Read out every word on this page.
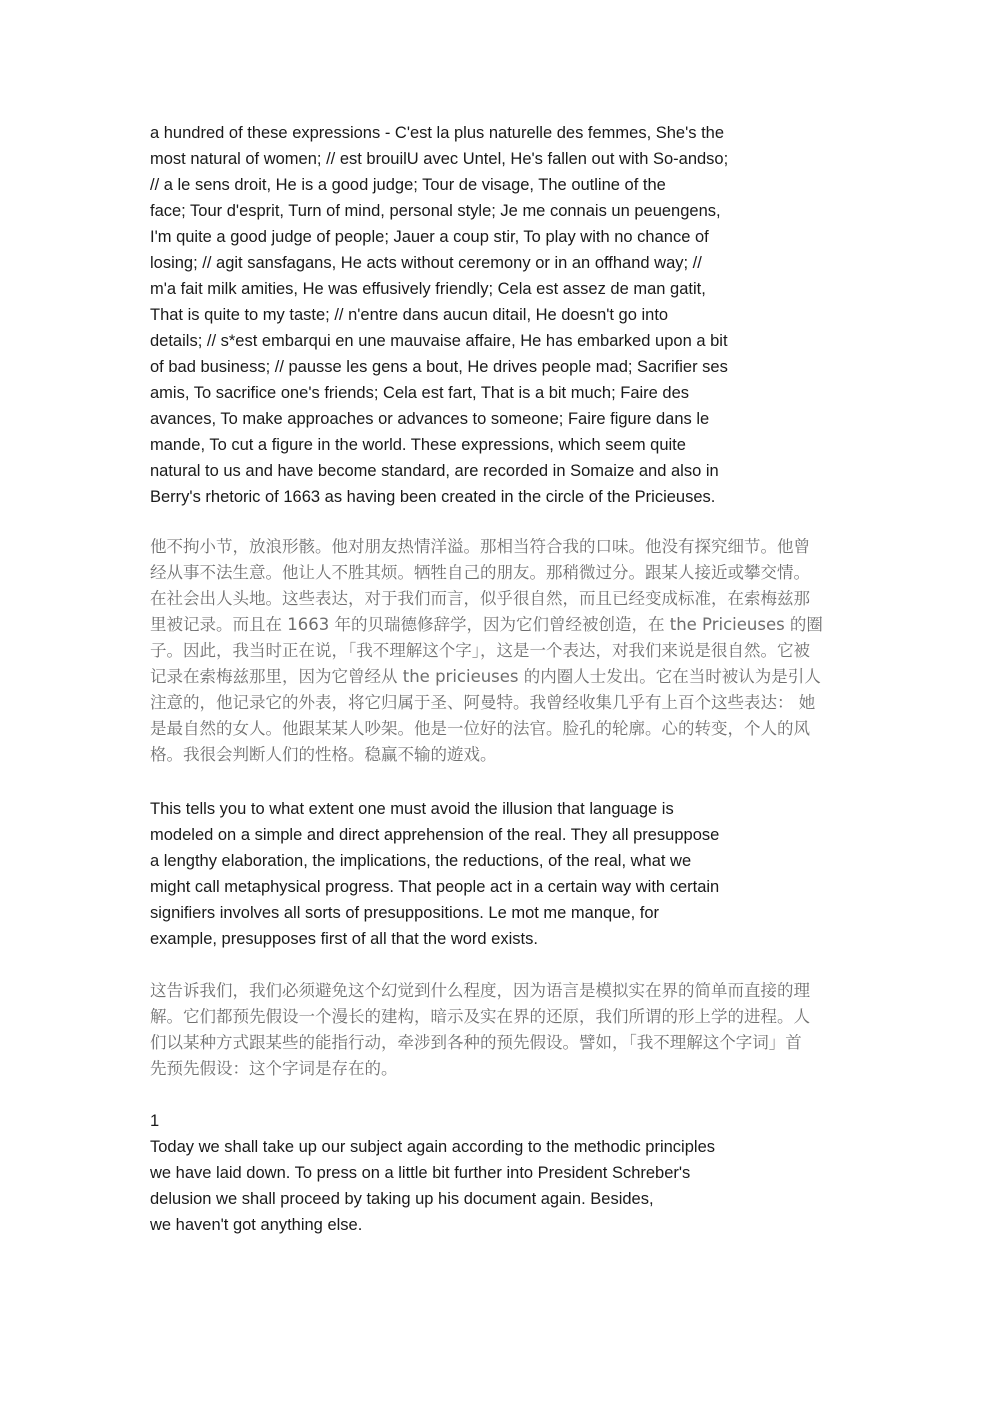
a hundred of these expressions - C'est la plus naturelle des femmes, She's the
most natural of women; // est brouilU avec Untel, He's fallen out with So-andso;
// a le sens droit, He is a good judge; Tour de visage, The outline of the
face; Tour d'esprit, Turn of mind, personal style; Je me connais un peuengens,
I'm quite a good judge of people; Jauer a coup stir, To play with no chance of
losing; // agit sansfagans, He acts without ceremony or in an offhand way; //
m'a fait milk amities, He was effusively friendly; Cela est assez de man gatit,
That is quite to my taste; // n'entre dans aucun ditail, He doesn't go into
details; // s*est embarqui en une mauvaise affaire, He has embarked upon a bit
of bad business; // pausse les gens a bout, He drives people mad; Sacrifier ses
amis, To sacrifice one's friends; Cela est fart, That is a bit much; Faire des
avances, To make approaches or advances to someone; Faire figure dans le
mande, To cut a figure in the world. These expressions, which seem quite
natural to us and have become standard, are recorded in Somaize and also in
Berry's rhetoric of 1663 as having been created in the circle of the Pricieuses.
他不拘小节，放浪形骸。他对朋友热情洋溢。那相当符合我的口味。他没有探究细节。他曾
经从事不法生意。他让人不胜其烦。牺牲自己的朋友。那稍微过分。跟某人接近或攀交情。
在社会出人头地。这些表达，对于我们而言，似乎很自然，而且已经变成标准，在索梅兹那
里被记录。而且在 1663 年的贝瑞德修辞学，因为它们曾经被创造，在 the Pricieuses 的圈
子。因此，我当时正在说，「我不理解这个字」，这是一个表达，对我们来说是很自然。它被
记录在索梅兹那里，因为它曾经从 the pricieuses 的内圈人士发出。它在当时被认为是引人
注意的，他记录它的外表，将它归属于圣、阿曼特。我曾经收集几乎有上百个这些表达： 她
是最自然的女人。他跟某某人吵架。他是一位好的法官。脸孔的轮廓。心的转变，个人的风
格。我很会判断人们的性格。稳赢不输的遊戏。
This tells you to what extent one must avoid the illusion that language is
modeled on a simple and direct apprehension of the real. They all presuppose
a lengthy elaboration, the implications, the reductions, of the real, what we
might call metaphysical progress. That people act in a certain way with certain
signifiers involves all sorts of presuppositions. Le mot me manque, for
example, presupposes first of all that the word exists.
这告诉我们，我们必须避免这个幻觉到什么程度，因为语言是模拟实在界的简单而直接的理
解。它们都预先假设一个漫长的建构，暗示及实在界的还原，我们所谓的形上学的进程。人
们以某种方式跟某些的能指行动，牵涉到各种的预先假设。譬如，「我不理解这个字词」首
先预先假设：这个字词是存在的。
1
Today we shall take up our subject again according to the methodic principles
we have laid down. To press on a little bit further into President Schreber's
delusion we shall proceed by taking up his document again. Besides,
we haven't got anything else.
